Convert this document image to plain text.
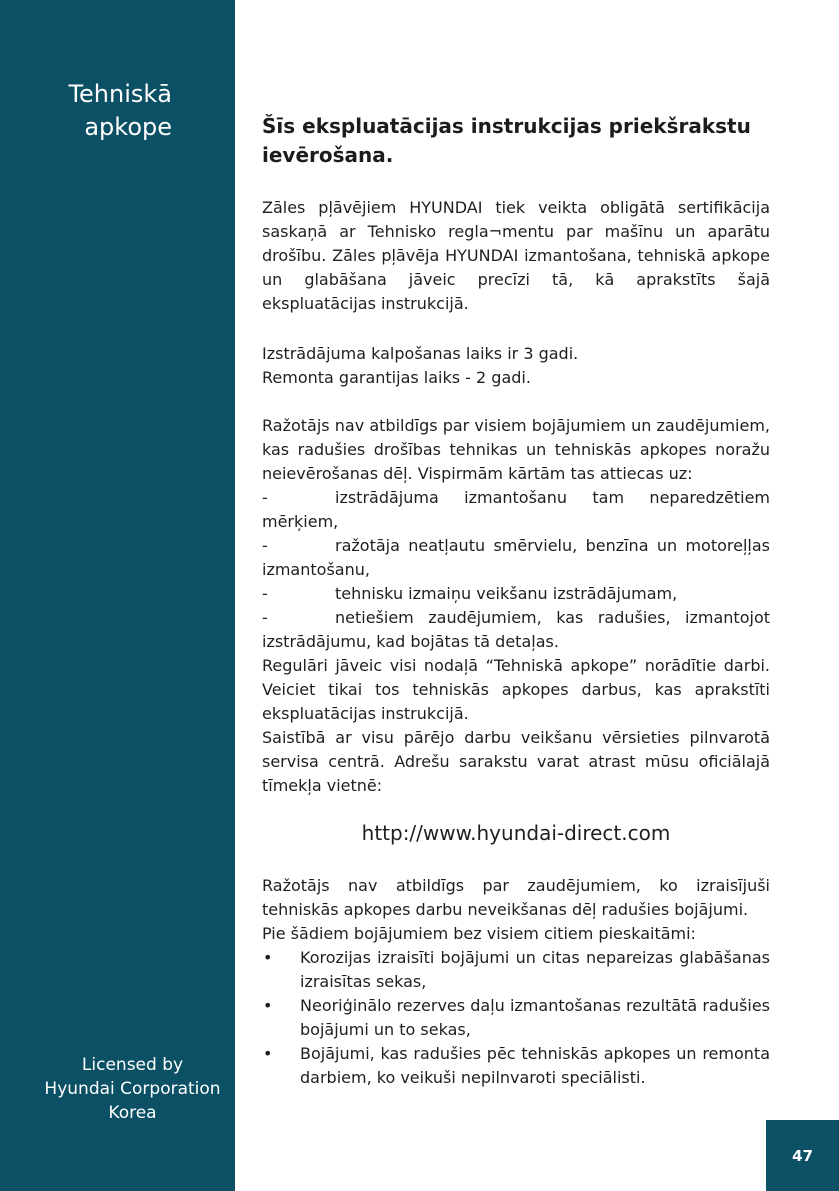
Tehniskā
apkope
Licensed by
Hyundai Corporation
Korea
47
Šīs ekspluatācijas instrukcijas priekšrakstu ievērošana.

Zāles pļāvējiem HYUNDAI tiek veikta obligātā sertifikācija saskaņā ar Tehnisko regla¬mentu par mašīnu un aparātu drošību. Zāles pļāvēja HYUNDAI izmantošana, tehniskā apkope un glabāšana jāveic precīzi tā, kā aprakstīts šajā ekspluatācijas instrukcijā.

Izstrādājuma kalpošanas laiks ir 3 gadi.

Remonta garantijas laiks - 2 gadi.

Ražotājs nav atbildīgs par visiem bojājumiem un zaudējumiem, kas radušies drošības tehnikas un tehniskās apkopes noražu neievērošanas dēļ. Vispirmām kārtām tas attiecas uz:

-	izstrādājuma izmantošanu tam neparedzētiem mērķiem,

-	ražotāja neatļautu smērvielu, benzīna un motoreļļas izmantošanu,

-	tehnisku izmaiņu veikšanu izstrādājumam,

-	netiešiem zaudējumiem, kas radušies, izmantojot izstrādājumu, kad bojātas tā detaļas.

Regulāri jāveic visi nodaļā “Tehniskā apkope” norādītie darbi. Veiciet tikai tos tehniskās apkopes darbus, kas aprakstīti ekspluatācijas instrukcijā.

Saistībā ar visu pārējo darbu veikšanu vērsieties pilnvarotā servisa centrā. Adrešu sarakstu varat atrast mūsu oficiālajā tīmekļa vietnē:

http://www.hyundai-direct.com

Ražotājs nav atbildīgs par zaudējumiem, ko izraisījuši tehniskās apkopes darbu neveikšanas dēļ radušies bojājumi.

Pie šādiem bojājumiem bez visiem citiem pieskaitāmi:

•	Korozijas izraisīti bojājumi un citas nepareizas glabāšanas izraisītas sekas,
•	Neoriģinālo rezerves daļu izmantošanas rezultātā radušies bojājumi un to sekas,
•	Bojājumi, kas radušies pēc tehniskās apkopes un remonta darbiem, ko veikuši nepilnvaroti speciālisti.
